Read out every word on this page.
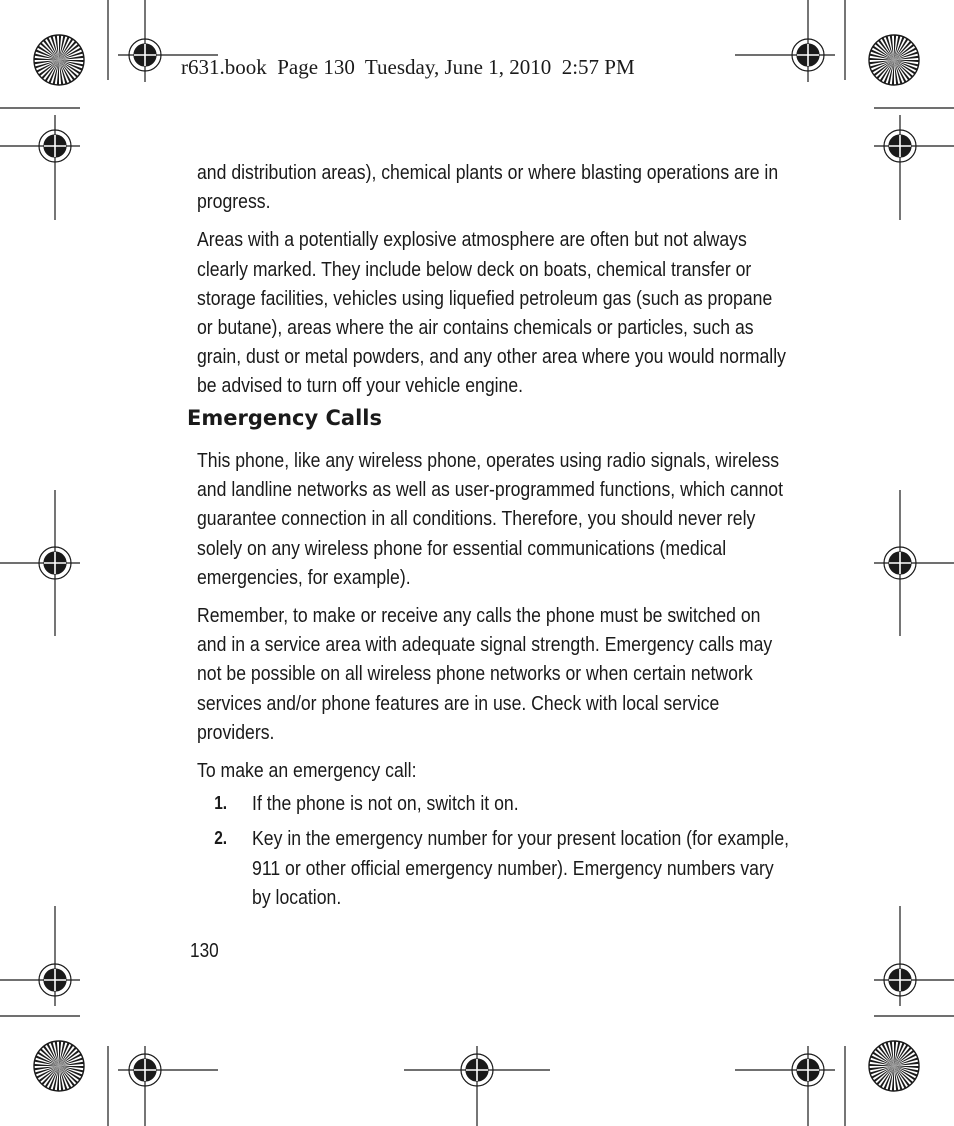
r631.book  Page 130  Tuesday, June 1, 2010  2:57 PM

and distribution areas), chemical plants or where blasting operations are in progress.

Areas with a potentially explosive atmosphere are often but not always clearly marked. They include below deck on boats, chemical transfer or storage facilities, vehicles using liquefied petroleum gas (such as propane or butane), areas where the air contains chemicals or particles, such as grain, dust or metal powders, and any other area where you would normally be advised to turn off your vehicle engine.

Emergency Calls

This phone, like any wireless phone, operates using radio signals, wireless and landline networks as well as user-programmed functions, which cannot guarantee connection in all conditions. Therefore, you should never rely solely on any wireless phone for essential communications (medical emergencies, for example).

Remember, to make or receive any calls the phone must be switched on and in a service area with adequate signal strength. Emergency calls may not be possible on all wireless phone networks or when certain network services and/or phone features are in use. Check with local service providers.

To make an emergency call:

1.	If the phone is not on, switch it on.
2.	Key in the emergency number for your present location (for example, 911 or other official emergency number). Emergency numbers vary by location.
130
